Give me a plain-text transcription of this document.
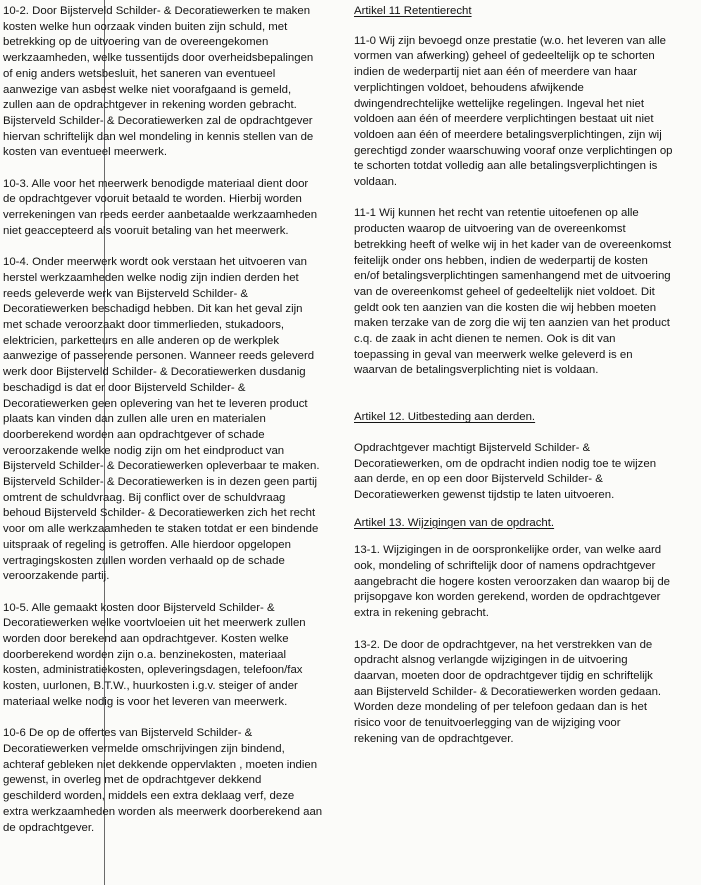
10-2. Door Bijsterveld Schilder- & Decoratiewerken te maken
kosten welke hun oorzaak vinden buiten zijn schuld, met
betrekking op de uitvoering van de overeengekomen
werkzaamheden, welke tussentijds door overheidsbepalingen
of enig anders wetsbesluit, het saneren van eventueel
aanwezige van asbest welke niet voorafgaand is gemeld,
zullen aan de opdrachtgever in rekening worden gebracht.
Bijsterveld Schilder- & Decoratiewerken zal de opdrachtgever
hiervan schriftelijk dan wel mondeling in kennis stellen van de
kosten van eventueel meerwerk.

10-3. Alle voor het meerwerk benodigde materiaal dient door
de opdrachtgever vooruit betaald te worden. Hierbij worden
verrekeningen van reeds eerder aanbetaalde werkzaamheden
niet geaccepteerd als vooruit betaling van het meerwerk.

10-4. Onder meerwerk wordt ook verstaan het uitvoeren van
herstel werkzaamheden welke nodig zijn indien derden het
reeds geleverde werk van Bijsterveld Schilder- &
Decoratiewerken beschadigd hebben. Dit kan het geval zijn
met schade veroorzaakt door timmerlieden, stukadoors,
elektricien, parketteurs en alle anderen op de werkplek
aanwezige of passerende personen. Wanneer reeds geleverd
werk door Bijsterveld Schilder- & Decoratiewerken dusdanig
beschadigd is dat er door Bijsterveld Schilder- &
Decoratiewerken geen oplevering van het te leveren product
plaats kan vinden dan zullen alle uren en materialen
doorberekend worden aan opdrachtgever of schade
veroorzakende welke nodig zijn om het eindproduct van
Bijsterveld Schilder- & Decoratiewerken opleverbaar te maken.
Bijsterveld Schilder- & Decoratiewerken is in dezen geen partij
omtrent de schuldvraag. Bij conflict over de schuldvraag
behoud Bijsterveld Schilder- & Decoratiewerken zich het recht
voor om alle werkzaamheden te staken totdat er een bindende
uitspraak of regeling is getroffen. Alle hierdoor opgelopen
vertragingskosten zullen worden verhaald op de schade
veroorzakende partij.

10-5. Alle gemaakt kosten door Bijsterveld Schilder- &
Decoratiewerken welke voortvloeien uit het meerwerk zullen
worden door berekend aan opdrachtgever. Kosten welke
doorberekend worden zijn o.a. benzinekosten, materiaal
kosten, administratiekosten, opleveringsdagen, telefoon/fax
kosten, uurlonen, B.T.W., huurkosten i.g.v. steiger of ander
materiaal welke nodig is voor het leveren van meerwerk.

10-6 De op de offertes van Bijsterveld Schilder- &
Decoratiewerken vermelde omschrijvingen zijn bindend,
achteraf gebleken niet dekkende oppervlakten , moeten indien
gewenst, in overleg met de opdrachtgever dekkend
geschilderd worden, middels een extra deklaag verf, deze
extra werkzaamheden worden als meerwerk doorberekend aan
de opdrachtgever.

Artikel 11 Retentierecht

11-0 Wij zijn bevoegd onze prestatie (w.o. het leveren van alle
vormen van afwerking) geheel of gedeeltelijk op te schorten
indien de wederpartij niet aan één of meerdere van haar
verplichtingen voldoet, behoudens afwijkende
dwingendrechtelijke wettelijke regelingen. Ingeval het niet
voldoen aan één of meerdere verplichtingen bestaat uit niet
voldoen aan één of meerdere betalingsverplichtingen, zijn wij
gerechtigd zonder waarschuwing vooraf onze verplichtingen op
te schorten totdat volledig aan alle betalingsverplichtingen is
voldaan.

11-1 Wij kunnen het recht van retentie uitoefenen op alle
producten waarop de uitvoering van de overeenkomst
betrekking heeft of welke wij in het kader van de overeenkomst
feitelijk onder ons hebben, indien de wederpartij de kosten
en/of betalingsverplichtingen samenhangend met de uitvoering
van de overeenkomst geheel of gedeeltelijk niet voldoet. Dit
geldt ook ten aanzien van die kosten die wij hebben moeten
maken terzake van de zorg die wij ten aanzien van het product
c.q. de zaak in acht dienen te nemen. Ook is dit van
toepassing in geval van meerwerk welke geleverd is en
waarvan de betalingsverplichting niet is voldaan.

Artikel 12. Uitbesteding aan derden.

Opdrachtgever machtigt Bijsterveld Schilder- &
Decoratiewerken, om de opdracht indien nodig toe te wijzen
aan derde, en op een door Bijsterveld Schilder- &
Decoratiewerken gewenst tijdstip te laten uitvoeren.

Artikel 13. Wijzigingen van de opdracht.

13-1. Wijzigingen in de oorspronkelijke order, van welke aard
ook, mondeling of schriftelijk door of namens opdrachtgever
aangebracht die hogere kosten veroorzaken dan waarop bij de
prijsopgave kon worden gerekend, worden de opdrachtgever
extra in rekening gebracht.

13-2. De door de opdrachtgever, na het verstrekken van de
opdracht alsnog verlangde wijzigingen in de uitvoering
daarvan, moeten door de opdrachtgever tijdig en schriftelijk
aan Bijsterveld Schilder- & Decoratiewerken worden gedaan.
Worden deze mondeling of per telefoon gedaan dan is het
risico voor de tenuitvoerlegging van de wijziging voor
rekening van de opdrachtgever.
